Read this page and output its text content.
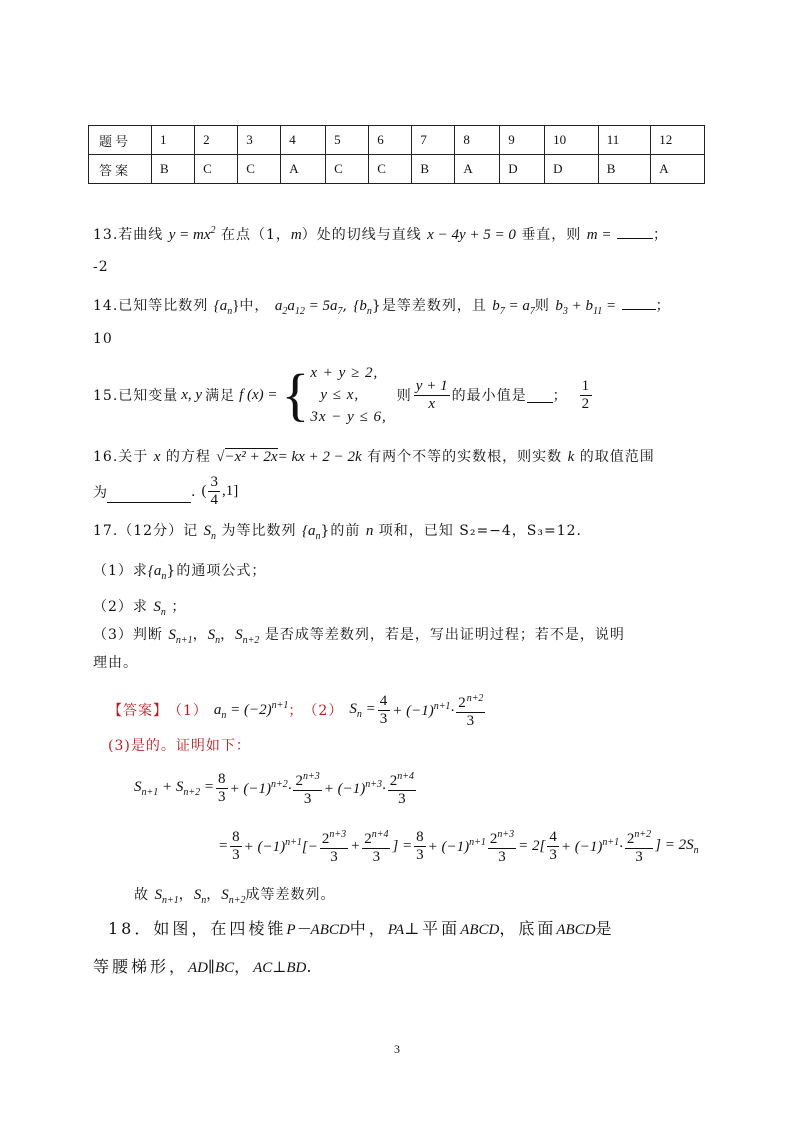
题号	1	2	3	4	5	6	7	8	9	10	11	12
答案	B	C	C	A	C	C	B	A	D	D	B	A
13.若曲线 $y = mx^2$ 在点（1，m）处的切线与直线 x − 4y + 5 = 0 垂直，则 m =	；
-2
14.已知等比数列 $\{a_n\}$中， $a_2a_{12} = 5a_7$, $\{b_n\}$是等差数列，且 $b_7 = a_7$则 $b_3 + b_{11}$ =	；
10
15.已知变量 x, y 满足 f (x) = { x + y ≥ 2,
y ≤ x,
3x − y ≤ 6,
则 $\frac{y + 1}{x}$ 的最小值是 ； $\frac{1}{2}$
16.关于 x 的方程 √−x² + 2x= kx + 2 − 2k 有两个不等的实数根，则实数 k 的取值范围
为	. ( $\frac{3}{4} ,1$]
17.（12分）记 $S_n$ 为等比数列 $\{a_n\}$的前 n 项和，已知 S₂=−4，S₃=12．
（1）求$\{a_n\}$的通项公式；
（2）求 $S_n$ ；
（3）判断 $S_{n+1}$，$S_n$，$S_{n+2}$ 是否成等差数列，若是，写出证明过程；若不是，说明
理由。
【答案】 （1） $a_n = (-2)^{n+1}$ ； （2） $S_n = \frac{4}{3} + (-1)^{n+1}\cdot \frac{2^{n+2}}{3}$
(3)是的。证明如下：
$S_{n+1} + S_{n+2} = \frac{8}{3} + (-1)^{n+2}\cdot \frac{2^{n+3}}{3} + (-1)^{n+3}\cdot \frac{2^{n+4}}{3}$
= $\frac{8}{3} + (-1)^{n+1}[- \frac{2^{n+3}}{3} + \frac{2^{n+4}}{3}$ ] = $\frac{8}{3} + (-1)^{n+1} \frac{2^{n+3}}{3} = 2[ \frac{4}{3} + (-1)^{n+1}\cdot \frac{2^{n+2}}{3}$ ] = $2S_n$
故 $S_{n+1}$，$S_n$，$S_{n+2}$成等差数列。
18．如图，在四棱锥P－ABCD中，PA⊥平面ABCD，底面ABCD是
等腰梯形，AD∥BC，AC⊥BD.
3
